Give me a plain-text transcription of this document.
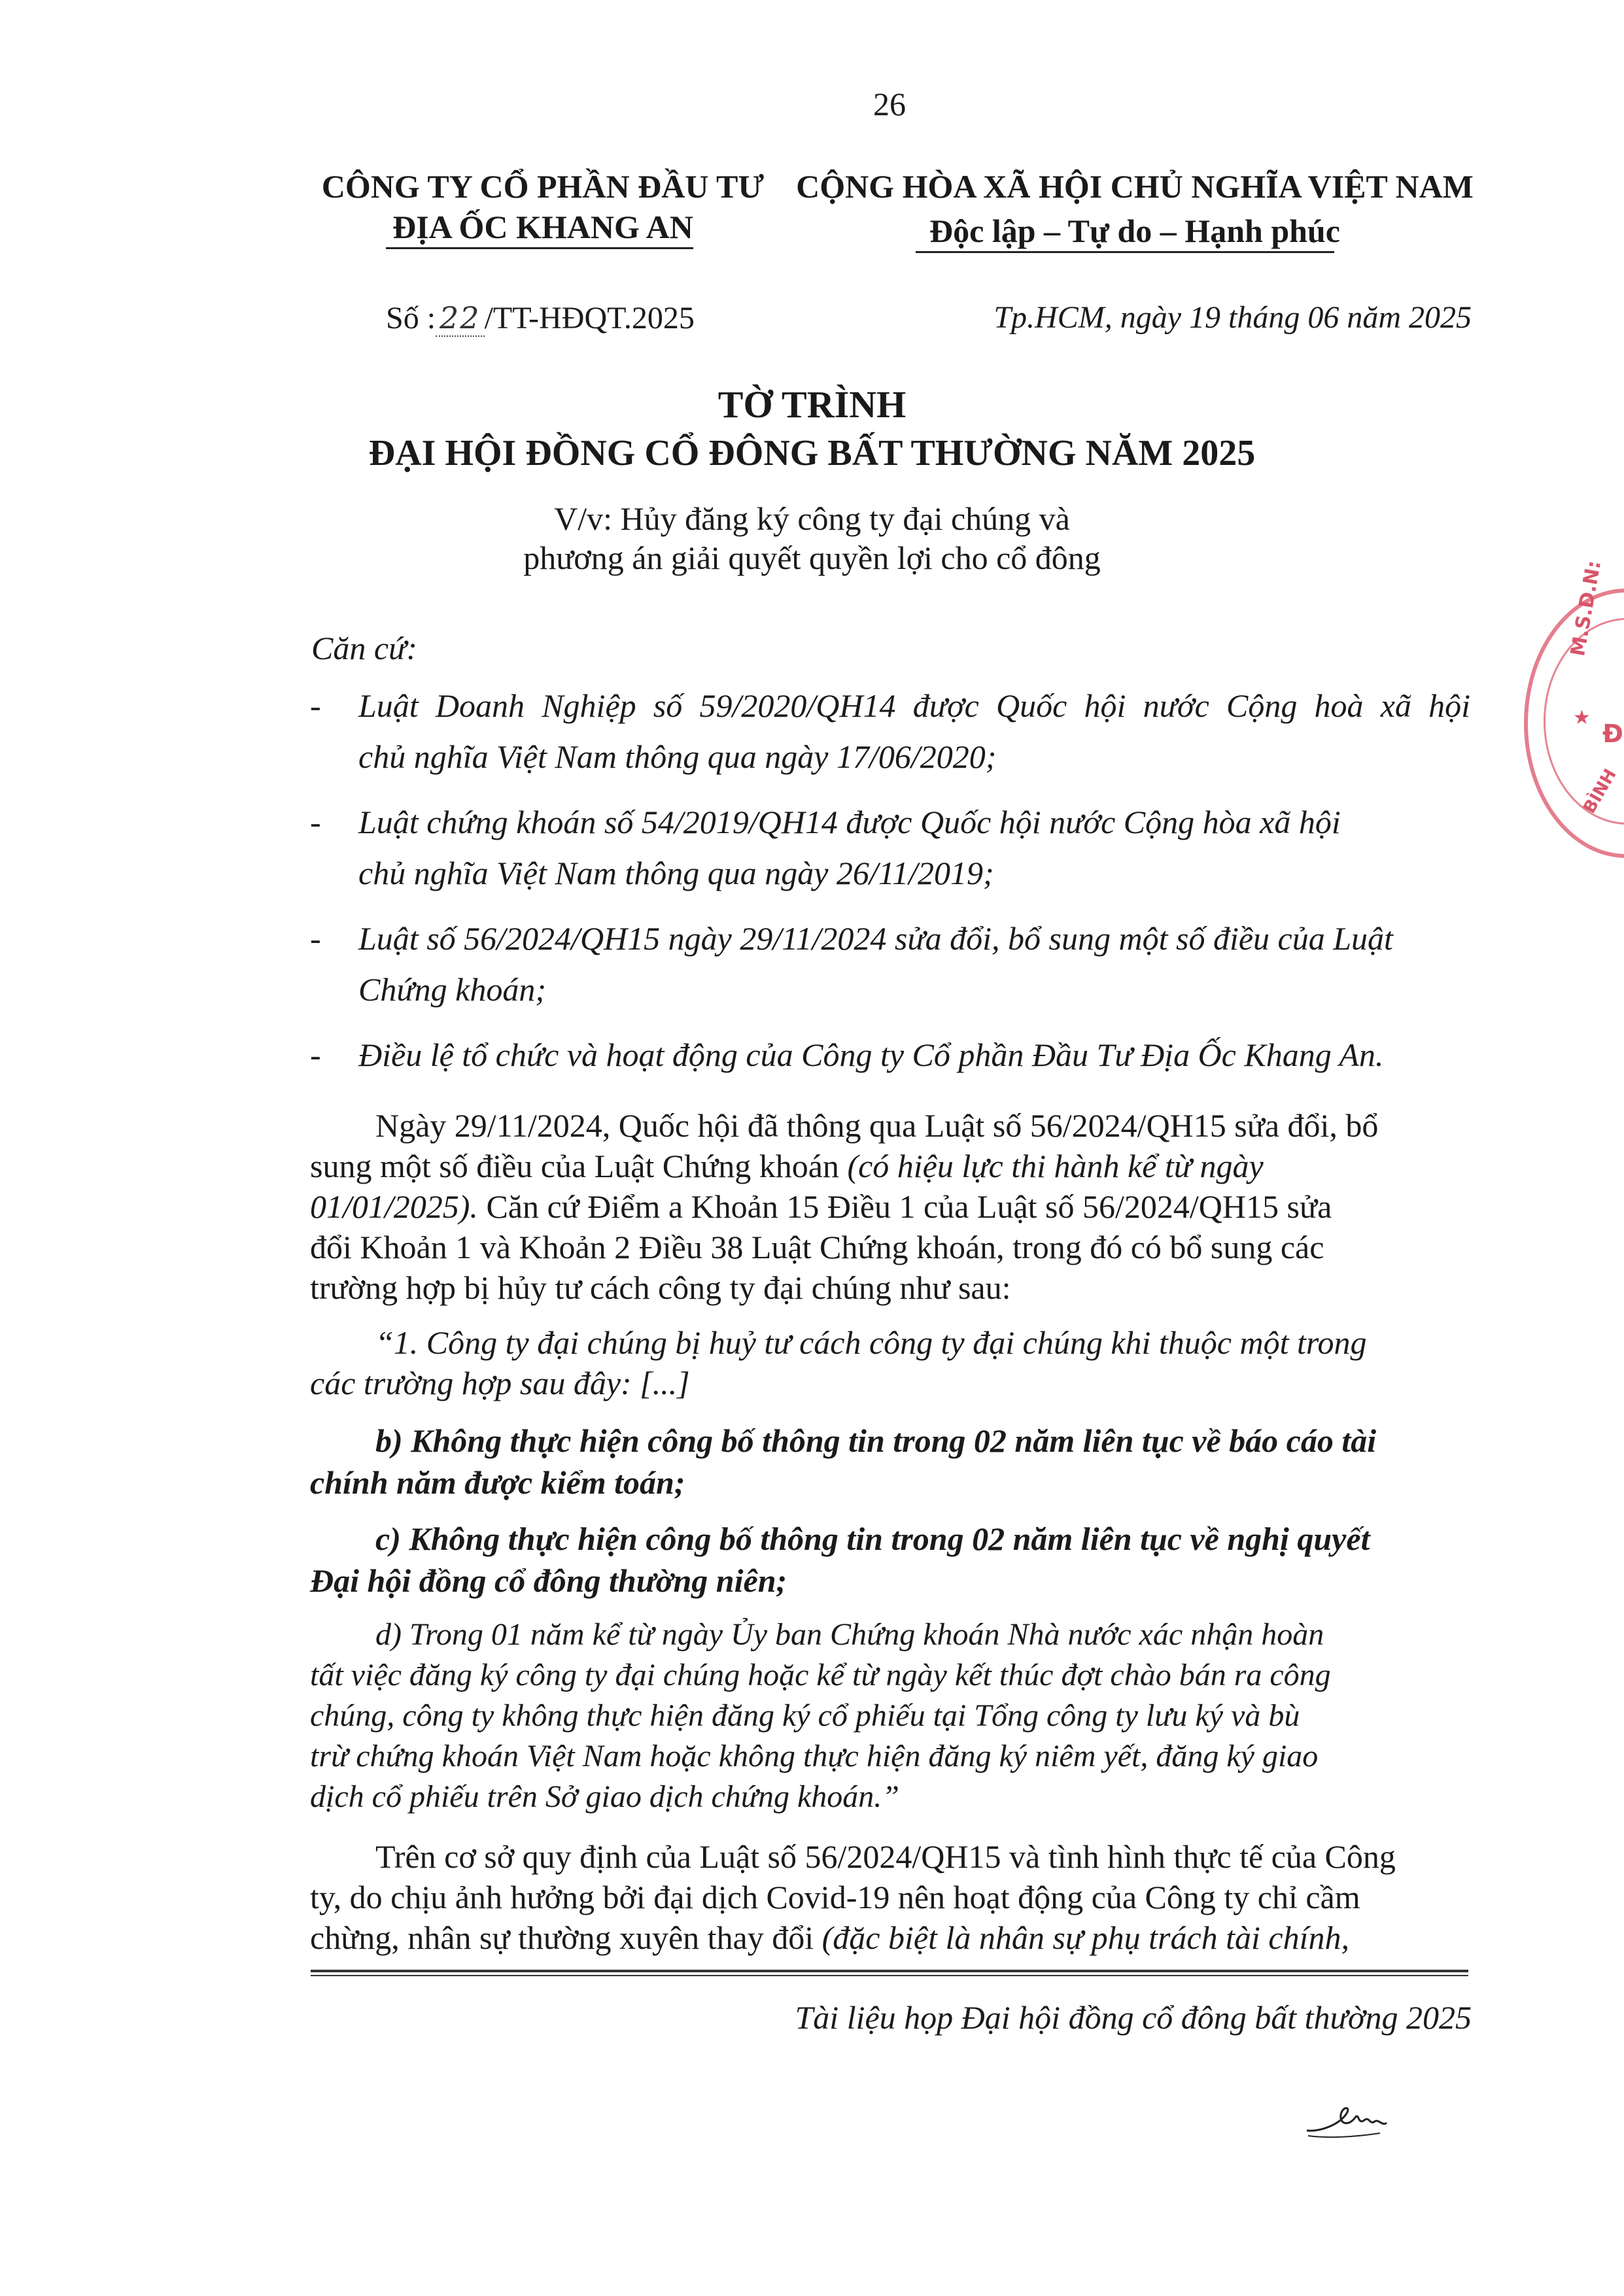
26
CÔNG TY CỔ PHẦN ĐẦU TƯ
ĐỊA ỐC KHANG AN
CỘNG HÒA XÃ HỘI CHỦ NGHĨA VIỆT NAM
Độc lập – Tự do – Hạnh phúc
Số : 22 /TT-HĐQT.2025	Tp.HCM, ngày 19 tháng 06 năm 2025
TỜ TRÌNH
ĐẠI HỘI ĐỒNG CỔ ĐÔNG BẤT THƯỜNG NĂM 2025
V/v: Hủy đăng ký công ty đại chúng và
phương án giải quyết quyền lợi cho cổ đông
Căn cứ:
- Luật Doanh Nghiệp số 59/2020/QH14 được Quốc hội nước Cộng hoà xã hội
chủ nghĩa Việt Nam thông qua ngày 17/06/2020;
- Luật chứng khoán số 54/2019/QH14 được Quốc hội nước Cộng hòa xã hội
chủ nghĩa Việt Nam thông qua ngày 26/11/2019;
- Luật số 56/2024/QH15 ngày 29/11/2024 sửa đổi, bổ sung một số điều của Luật
Chứng khoán;
- Điều lệ tổ chức và hoạt động của Công ty Cổ phần Đầu Tư Địa Ốc Khang An.
Ngày 29/11/2024, Quốc hội đã thông qua Luật số 56/2024/QH15 sửa đổi, bổ
sung một số điều của Luật Chứng khoán (có hiệu lực thi hành kể từ ngày
01/01/2025). Căn cứ Điểm a Khoản 15 Điều 1 của Luật số 56/2024/QH15 sửa
đổi Khoản 1 và Khoản 2 Điều 38 Luật Chứng khoán, trong đó có bổ sung các
trường hợp bị hủy tư cách công ty đại chúng như sau:
“1. Công ty đại chúng bị huỷ tư cách công ty đại chúng khi thuộc một trong
các trường hợp sau đây: [...]
b) Không thực hiện công bố thông tin trong 02 năm liên tục về báo cáo tài
chính năm được kiểm toán;
c) Không thực hiện công bố thông tin trong 02 năm liên tục về nghị quyết
Đại hội đồng cổ đông thường niên;
d) Trong 01 năm kể từ ngày Ủy ban Chứng khoán Nhà nước xác nhận hoàn
tất việc đăng ký công ty đại chúng hoặc kể từ ngày kết thúc đợt chào bán ra công
chúng, công ty không thực hiện đăng ký cổ phiếu tại Tổng công ty lưu ký và bù
trừ chứng khoán Việt Nam hoặc không thực hiện đăng ký niêm yết, đăng ký giao
dịch cổ phiếu trên Sở giao dịch chứng khoán.”
Trên cơ sở quy định của Luật số 56/2024/QH15 và tình hình thực tế của Công
ty, do chịu ảnh hưởng bởi đại dịch Covid-19 nên hoạt động của Công ty chỉ cầm
chừng, nhân sự thường xuyên thay đổi (đặc biệt là nhân sự phụ trách tài chính,
Tài liệu họp Đại hội đồng cổ đông bất thường 2025
M.S.D.N:
Đ
★
BÌNH
